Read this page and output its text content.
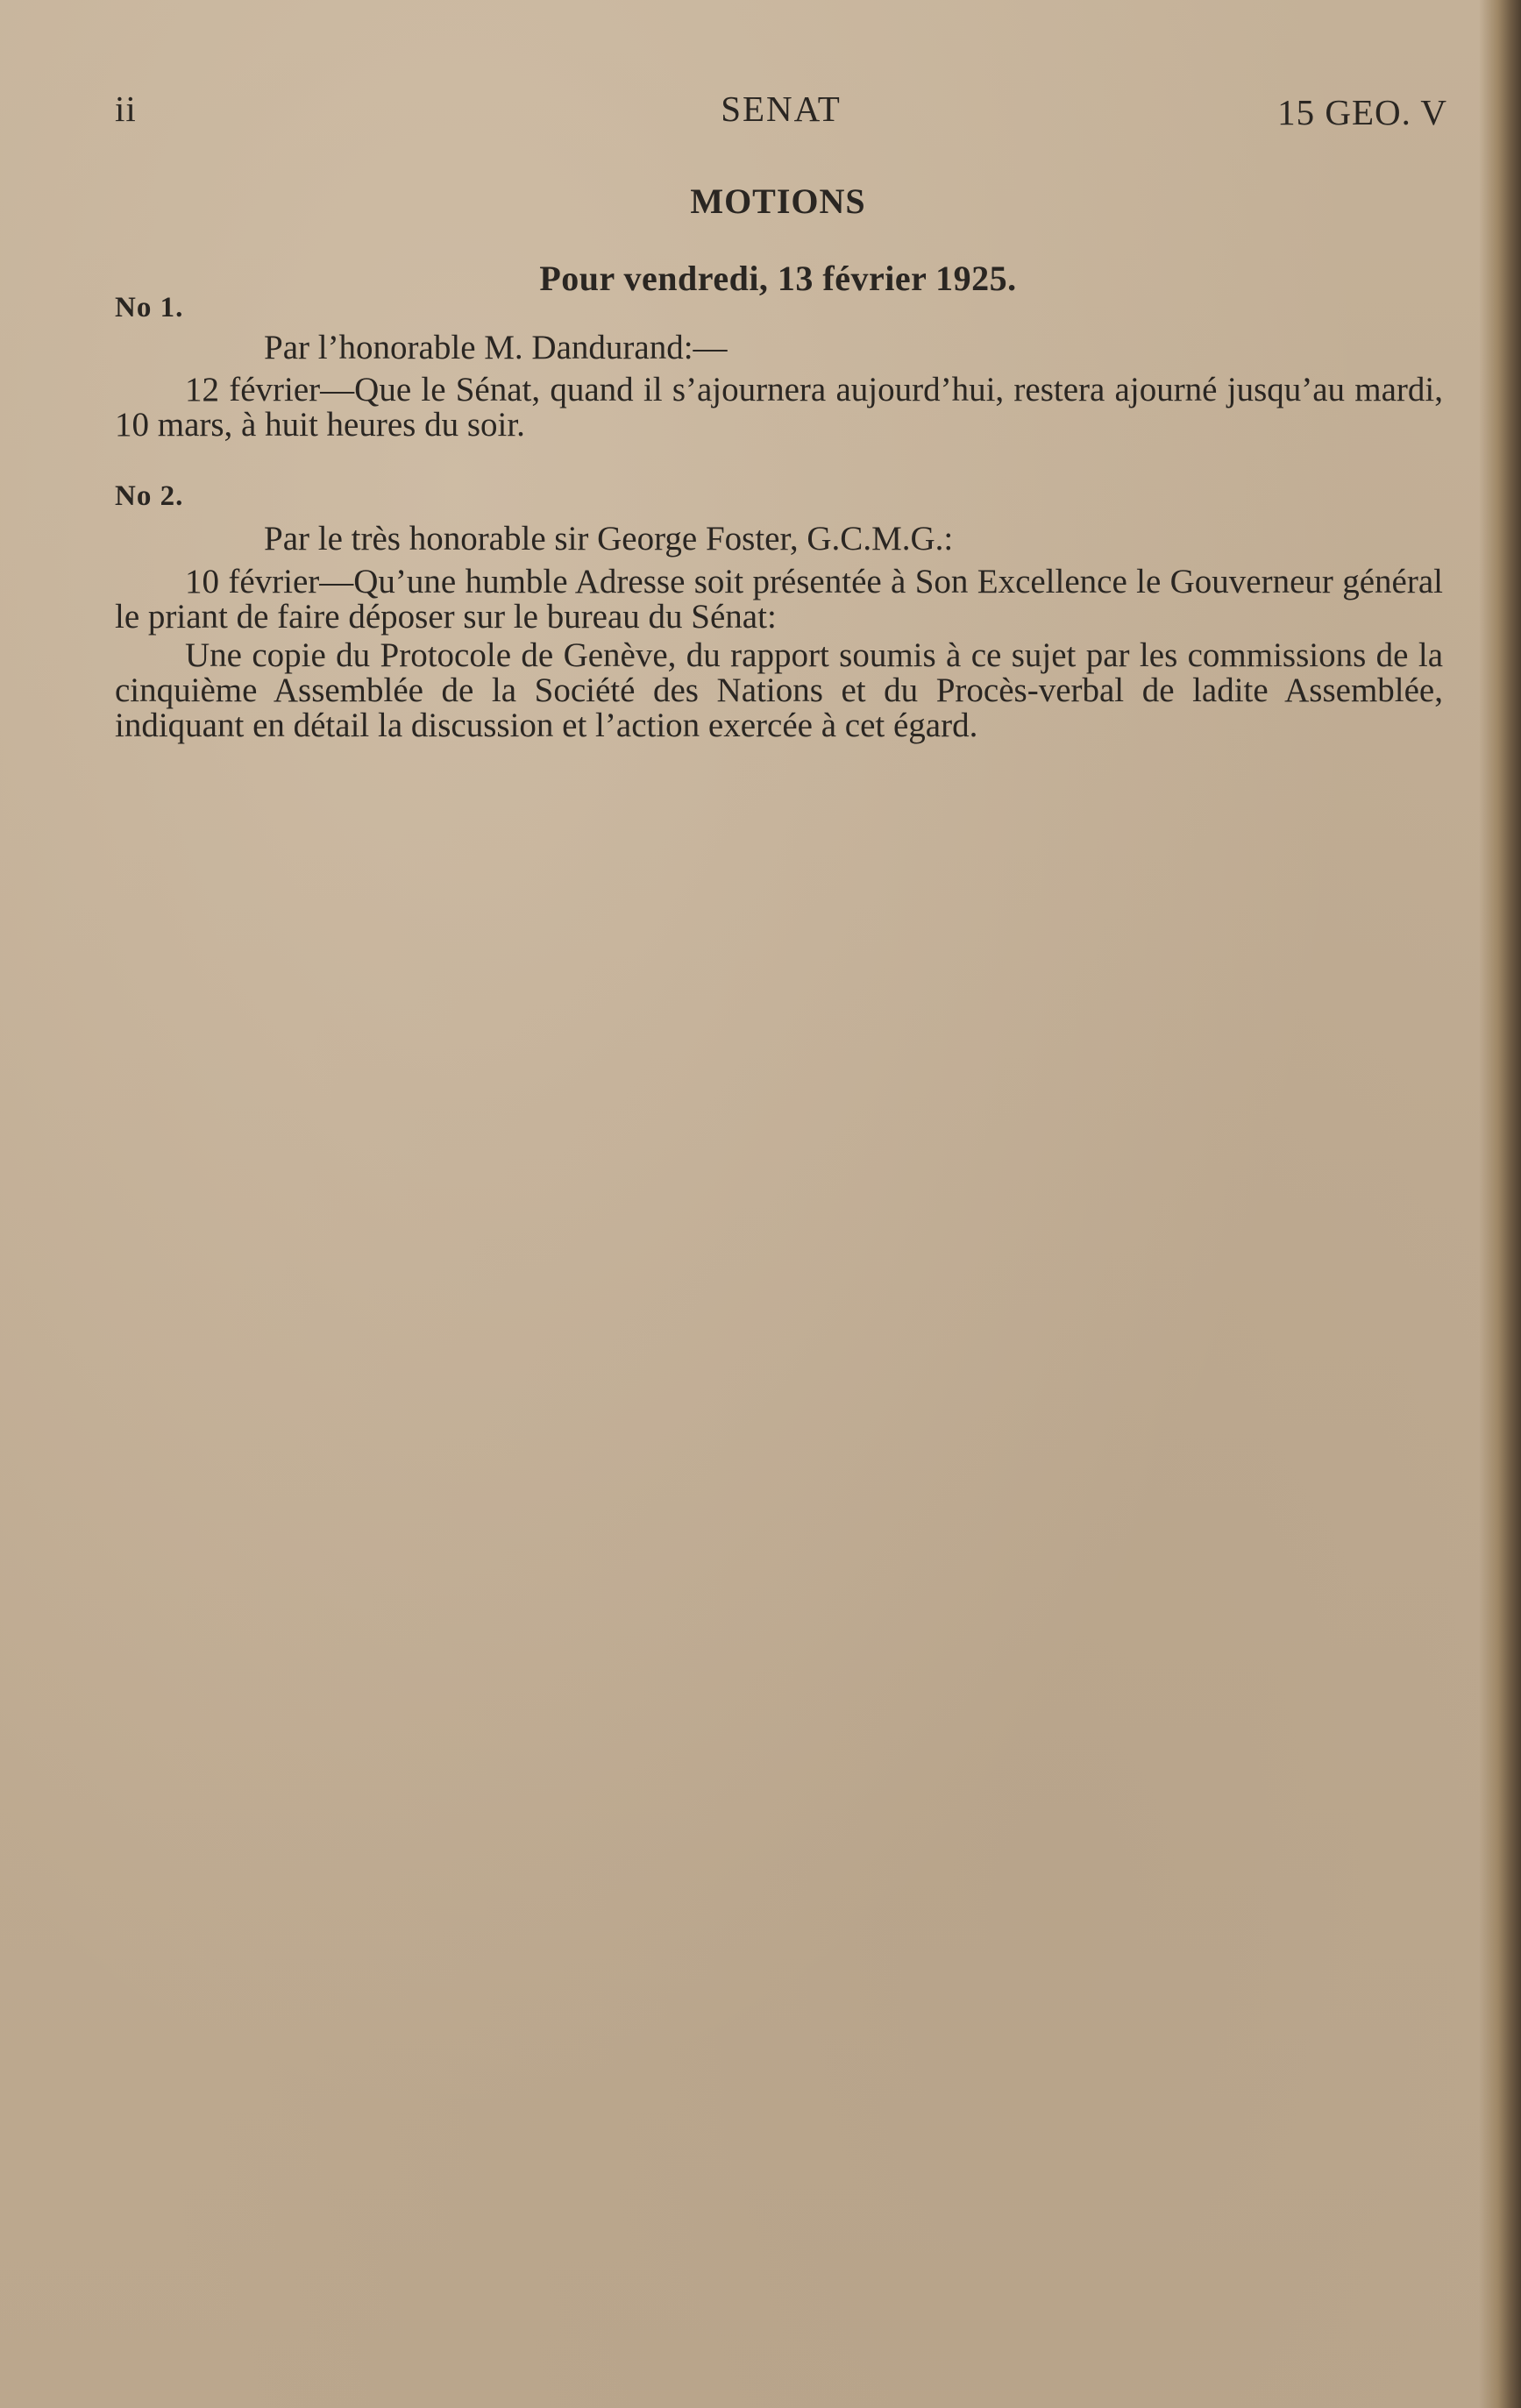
ii	SENAT	15 GEO. V
MOTIONS
Pour vendredi, 13 février 1925.
No 1.
Par l’honorable M. Dandurand:—
12 février—Que le Sénat, quand il s’ajournera aujourd’hui, restera ajourné jusqu’au mardi, 10 mars, à huit heures du soir.
No 2.
Par le très honorable sir George Foster, G.C.M.G.:
10 février—Qu’une humble Adresse soit présentée à Son Excellence le Gouverneur général le priant de faire déposer sur le bureau du Sénat:
Une copie du Protocole de Genève, du rapport soumis à ce sujet par les commissions de la cinquième Assemblée de la Société des Nations et du Procès-verbal de ladite Assemblée, indiquant en détail la discussion et l’action exercée à cet égard.
